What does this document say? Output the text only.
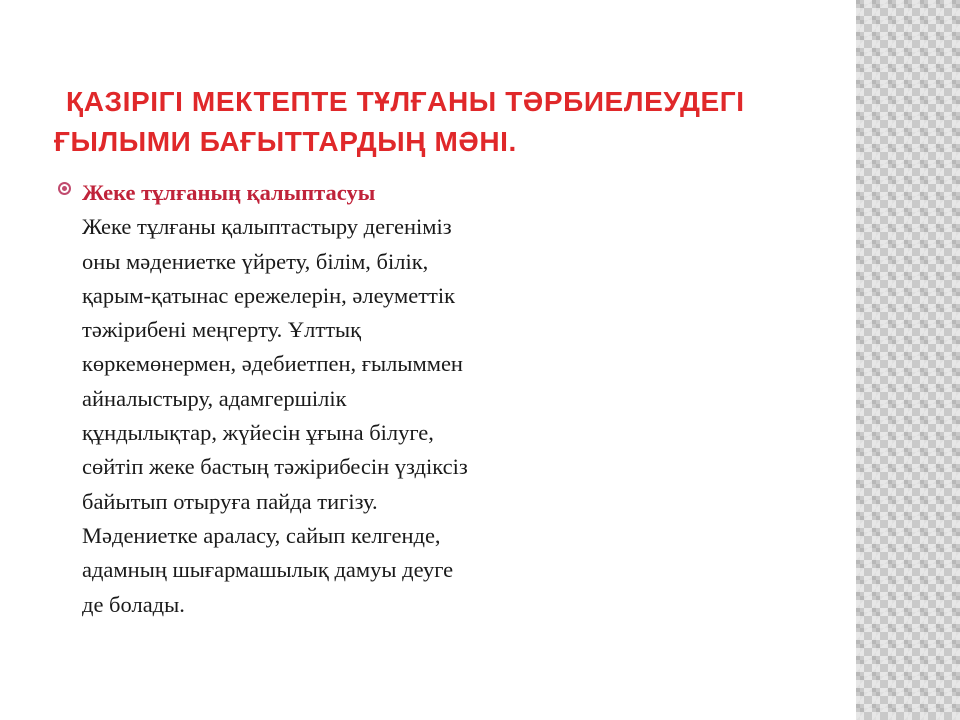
ҚАЗІРІГІ МЕКТЕПТЕ ТҰЛҒАНЫ ТӘРБИЕЛЕУДЕГІ
ҒЫЛЫМИ БАҒЫТТАРДЫҢ МӘНІ.
Жеке тұлғаның қалыптасуы
Жеке тұлғаны қалыптастыру дегеніміз
оны мәдениетке үйрету, білім, білік,
қарым-қатынас ережелерін, әлеуметтік
тәжірибені меңгерту. Ұлттық
көркемөнермен, әдебиетпен, ғылыммен
айналыстыру, адамгершілік
құндылықтар, жүйесін ұғына білуге,
сөйтіп жеке бастың тәжірибесін үздіксіз
байытып отыруға пайда тигізу.
Мәдениетке араласу, сайып келгенде,
адамның шығармашылық дамуы деуге
де болады.
